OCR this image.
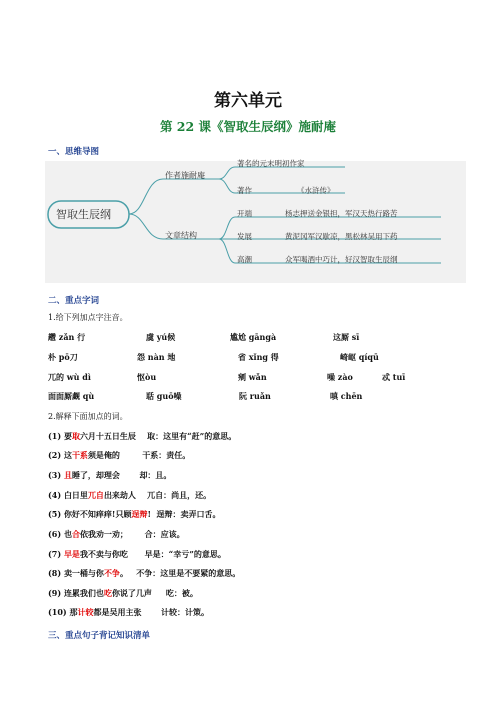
第六单元
第 22 课《智取生辰纲》施耐庵
一、思维导图
智取生辰纲
作者施耐庵
著名的元末明初作家
著作	《水浒传》
文章结构
开端	杨志押送金银担，军汉天热行路苦
发展	黄泥冈军汉歇凉，黑松林吴用下药
高潮	众军喝酒中巧计，好汉智取生辰纲
二、重点字词
1.给下列加点字注音。
趱 zǎn 行	虞 yú候	尴尬 gāngà	这厮 sī
朴 pō刀	怨 nàn 地	省 xǐng 得	崎岖 qíqū
兀的 wù dì	怄òu	剜 wǎn	噪 zào	忒 tuī
面面厮觑 qù	聒 guō噪	阮 ruǎn	嗔 chēn
2.解释下面加点的词。
(1) 要取六月十五日生辰 取：这里有“赶”的意思。
(2) 这干系须是俺的	干系：责任。
(3) 且睡了，却理会 却：且。
(4) 白日里兀自出来劫人 兀自：尚且，还。
(5) 你好不知痒痒!只顾逞辩! 逞辩：卖弄口舌。
(6) 也合依我劝一劝； 合：应该。
(7) 早是我不卖与你吃 早是：“幸亏”的意思。
(8) 卖一桶与你不争。 不争：这里是不要紧的意思。
(9) 连累我们也吃你说了几声 吃：被。
(10) 那计较都是吴用主张 计较：计策。
三、重点句子背记知识清单
